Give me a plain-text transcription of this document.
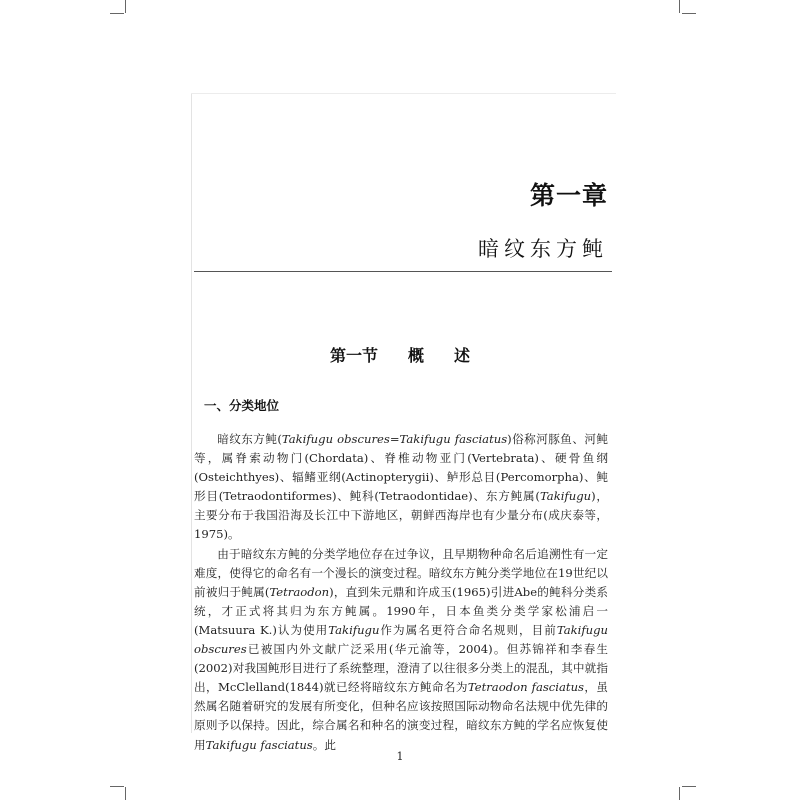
第一章
暗纹东方鲀
第一节 概 述
一、分类地位

暗纹东方鲀(Takifugu obscures=Takifugu fasciatus)俗称河豚鱼、河鲀等，属脊索动物门(Chordata)、脊椎动物亚门(Vertebrata)、硬骨鱼纲(Osteichthyes)、辐鳍亚纲(Actinopterygii)、鲈形总目(Percomorpha)、鲀形目(Tetraodontiformes)、鲀科(Tetraodontidae)、东方鲀属(Takifugu)，主要分布于我国沿海及长江中下游地区，朝鲜西海岸也有少量分布(成庆泰等，1975)。

由于暗纹东方鲀的分类学地位存在过争议，且早期物种命名后追溯性有一定难度，使得它的命名有一个漫长的演变过程。暗纹东方鲀分类学地位在19世纪以前被归于鲀属(Tetraodon)，直到朱元鼎和许成玉(1965)引进Abe的鲀科分类系统，才正式将其归为东方鲀属。1990年，日本鱼类分类学家松浦启一(Matsuura K.)认为使用Takifugu作为属名更符合命名规则，目前Takifugu obscures已被国内外文献广泛采用(华元渝等，2004)。但苏锦祥和李春生(2002)对我国鲀形目进行了系统整理，澄清了以往很多分类上的混乱，其中就指出，McClelland(1844)就已经将暗纹东方鲀命名为Tetraodon fasciatus，虽然属名随着研究的发展有所变化，但种名应该按照国际动物命名法规中优先律的原则予以保持。因此，综合属名和种名的演变过程，暗纹东方鲀的学名应恢复使用Takifugu fasciatus。此

1
